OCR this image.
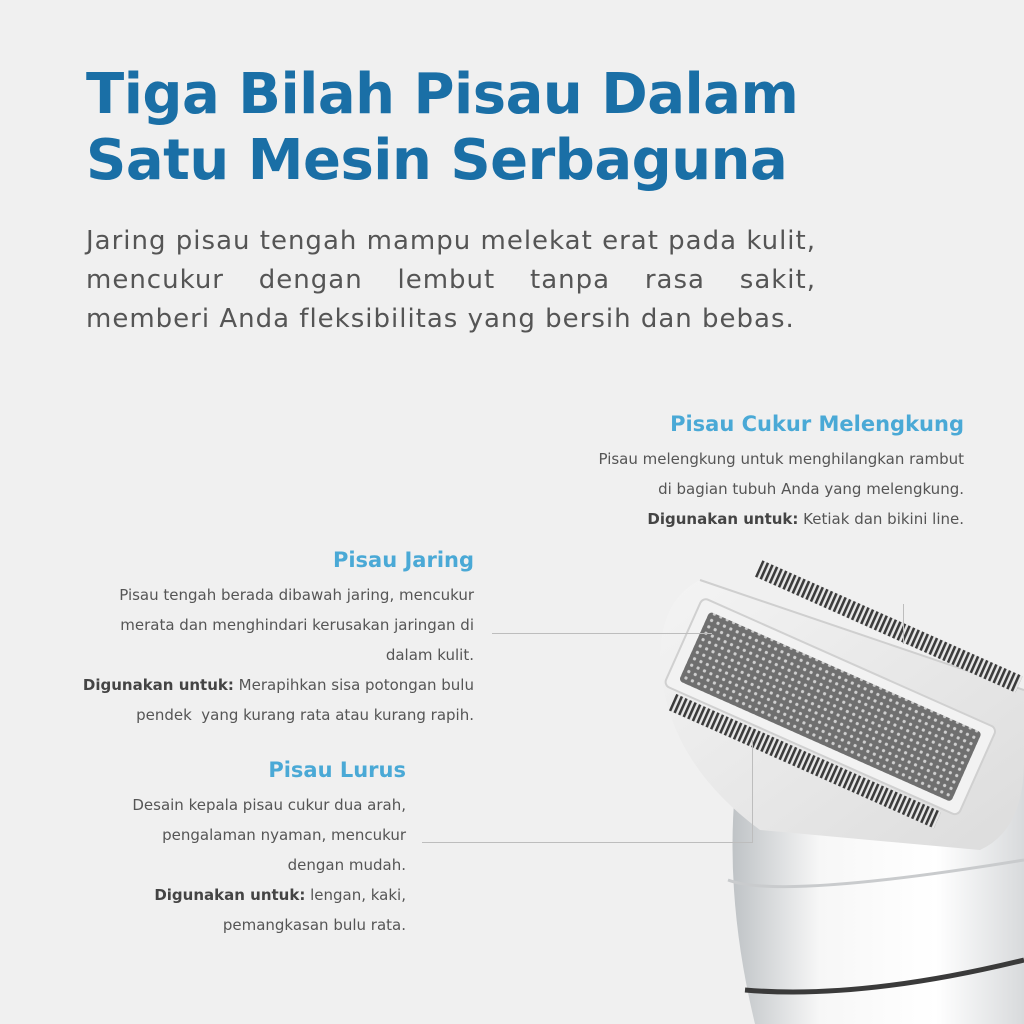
Tiga Bilah Pisau Dalam
Satu Mesin Serbaguna
Jaring pisau tengah mampu melekat erat pada kulit, mencukur dengan lembut tanpa rasa sakit, memberi Anda fleksibilitas yang bersih dan bebas.
Pisau Cukur Melengkung
Pisau melengkung untuk menghilangkan rambut
di bagian tubuh Anda yang melengkung.
Digunakan untuk: Ketiak dan bikini line.
Pisau Jaring
Pisau tengah berada dibawah jaring, mencukur
merata dan menghindari kerusakan jaringan di
dalam kulit.
Digunakan untuk: Merapihkan sisa potongan bulu
pendek  yang kurang rata atau kurang rapih.
Pisau Lurus
Desain kepala pisau cukur dua arah,
pengalaman nyaman, mencukur
dengan mudah.
Digunakan untuk: lengan, kaki,
pemangkasan bulu rata.
